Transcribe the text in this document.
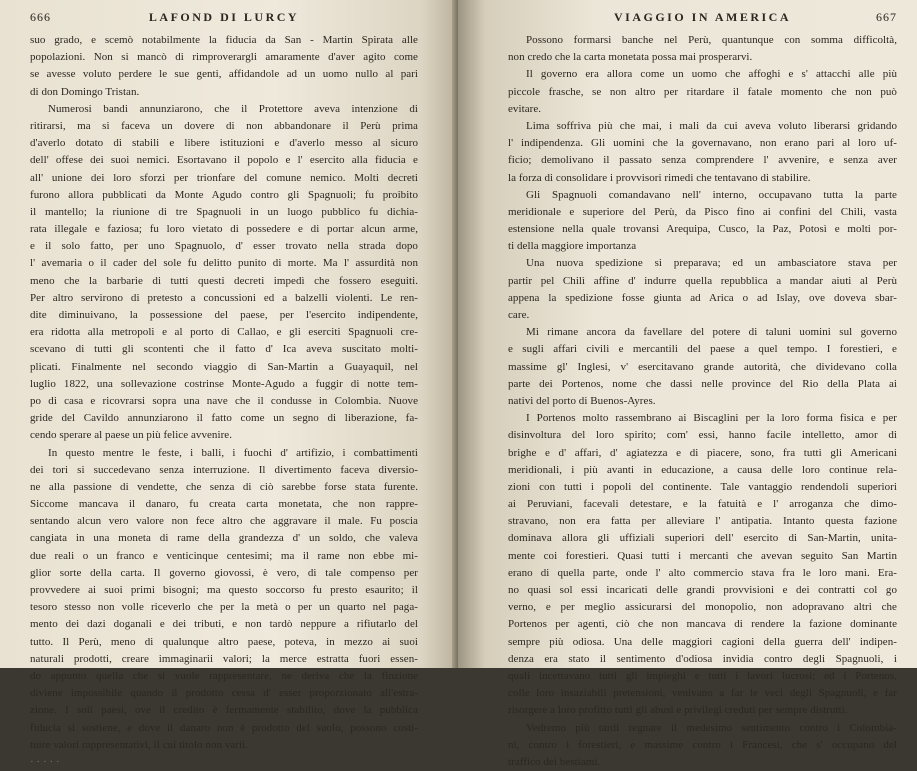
666	LAFOND DI LURCY
suo grado, e scemò notabilmente la fiducia da San - Martin Spirata alle
popolazioni. Non si mancò di rimproverargli amaramente d'aver agito come
se avesse voluto perdere le sue genti, affidandole ad un uomo nullo al pari
di don Domingo Tristan.
Numerosi bandi annunziarono, che il Protettore aveva intenzione di
ritirarsi, ma si faceva un dovere di non abbandonare il Perù prima
d'averlo dotato di stabili e libere istituzioni e d'averlo messo al sicuro
dell' offese dei suoi nemici. Esortavano il popolo e l' esercito alla fiducia e
all' unione dei loro sforzi per trionfare del comune nemico. Molti decreti
furono allora pubblicati da Monte Agudo contro gli Spagnuoli; fu proibito
il mantello; la riunione di tre Spagnuoli in un luogo pubblico fu dichia-
rata illegale e faziosa; fu loro vietato di possedere e di portar alcun arme,
e il solo fatto, per uno Spagnuolo, d' esser trovato nella strada dopo
l' avemaria o il cader del sole fu delitto punito di morte. Ma l' assurdità non
meno che la barbarie di tutti questi decreti impedì che fossero eseguiti.
Per altro servirono di pretesto a concussioni ed a balzelli violenti. Le ren-
dite diminuivano, la possessione del paese, per l'esercito indipendente,
era ridotta alla metropoli e al porto di Callao, e gli eserciti Spagnuoli cre-
scevano di tutti gli scontenti che il fatto d' Ica aveva suscitato molti-
plicati. Finalmente nel secondo viaggio di San-Martin a Guayaquil, nel
luglio 1822, una sollevazione costrinse Monte-Agudo a fuggir di notte tem-
po di casa e ricovrarsi sopra una nave che il condusse in Colombia. Nuove
gride del Cavildo annunziarono il fatto come un segno di liberazione, fa-
cendo sperare al paese un più felice avvenire.
In questo mentre le feste, i balli, i fuochi d' artifizio, i combattimenti
dei tori si succedevano senza interruzione. Il divertimento faceva diversio-
ne alla passione di vendette, che senza di ciò sarebbe forse stata furente.
Siccome mancava il danaro, fu creata carta monetata, che non rappre-
sentando alcun vero valore non fece altro che aggravare il male. Fu poscia
cangiata in una moneta di rame della grandezza d' un soldo, che valeva
due reali o un franco e venticinque centesimi; ma il rame non ebbe mi-
glior sorte della carta. Il governo giovossi, è vero, di tale compenso per
provvedere ai suoi primi bisogni; ma questo soccorso fu presto esaurito; il
tesoro stesso non volle riceverlo che per la metà o per un quarto nel paga-
mento dei dazi doganali e dei tributi, e non tardò neppure a rifiutarlo del
tutto. Il Perù, meno di qualunque altro paese, poteva, in mezzo ai suoi
naturali prodotti, creare immaginarii valori; la merce estratta fuori essen-
do appunto quella che si vuole rappresentare, ne deriva che la finzione
diviene impossibile quando il prodotto cessa d' esser proporzionato all'estra-
zione. I soli paesi, ove il credito è fermamente stabilito, dove la pubblica
fiducia si sostiene, e dove il danaro non è prodotto del suolo, possono costi-
tuire valori rappresentativi, il cui titolo non varii.
· · · · ·
VIAGGIO IN AMERICA	667
Possono formarsi banche nel Perù, quantunque con somma difficoltà,
non credo che la carta monetata possa mai prosperarvi.
Il governo era allora come un uomo che affoghi e s' attacchi alle più
piccole frasche, se non altro per ritardare il fatale momento che non può
evitare.
Lima soffriva più che mai, i mali da cui aveva voluto liberarsi gridando
l' indipendenza. Gli uomini che la governavano, non erano pari al loro uf-
ficio; demolivano il passato senza comprendere l' avvenire, e senza aver
la forza di consolidare i provvisori rimedi che tentavano di stabilire.
Gli Spagnuoli comandavano nell' interno, occupavano tutta la parte
meridionale e superiore del Perù, da Pisco fino ai confini del Chili, vasta
estensione nella quale trovansi Arequipa, Cusco, la Paz, Potosì e molti por-
ti della maggiore importanza
Una nuova spedizione si preparava; ed un ambasciatore stava per
partir pel Chilì affine d' indurre quella repubblica a mandar aiuti al Perù
appena la spedizione fosse giunta ad Arica o ad Islay, ove doveva sbar-
care.
Mi rimane ancora da favellare del potere di taluni uomini sul governo
e sugli affari civili e mercantili del paese a quel tempo. I forestieri, e
massime gl' Inglesi, v' esercitavano grande autorità, che dividevano colla
parte dei Portenos, nome che dassi nelle province del Rio della Plata ai
nativi del porto di Buenos-Ayres.
I Portenos molto rassembrano ai Biscaglini per la loro forma fisica e per
disinvoltura del loro spirito; com' essi, hanno facile intelletto, amor di
brighe e d' affari, d' agiatezza e di piacere, sono, fra tutti gli Americani
meridionali, i più avanti in educazione, a causa delle loro continue rela-
zioni con tutti i popoli del continente. Tale vantaggio rendendoli superiori
ai Peruviani, facevali detestare, e la fatuità e l' arroganza che dimo-
stravano, non era fatta per alleviare l' antipatia. Intanto questa fazione
dominava allora gli uffiziali superiori dell' esercito di San-Martin, unita-
mente coi forestieri. Quasi tutti i mercanti che avevan seguito San Martin
erano di quella parte, onde l' alto commercio stava fra le loro mani. Era-
no quasi sol essi incaricati delle grandi provvisioni e dei contratti col go
verno, e per meglio assicurarsi del monopolio, non adopravano altri che
Portenos per agenti, ciò che non mancava di rendere la fazione dominante
sempre più odiosa. Una delle maggiori cagioni della guerra dell' indipen-
denza era stato il sentimento d'odiosa invidia contro degli Spagnuoli, i
quali incettavano tutti gli impieghi e tutti i lavori lucrosi; ed i Portenos,
colle loro insaziabili pretensioni, venivano a far le veci degli Spagnuoli, e far
risorgere a loro profitto tutti gli abusi e privilegi creduti per sempre distrutti.
Vedremo più tardi regnare il medesimo sentimento contro i Colombia-
ni, contro i forestieri, e massime contro i Francesi, che s' occupano del
traffico dei bestiami.
